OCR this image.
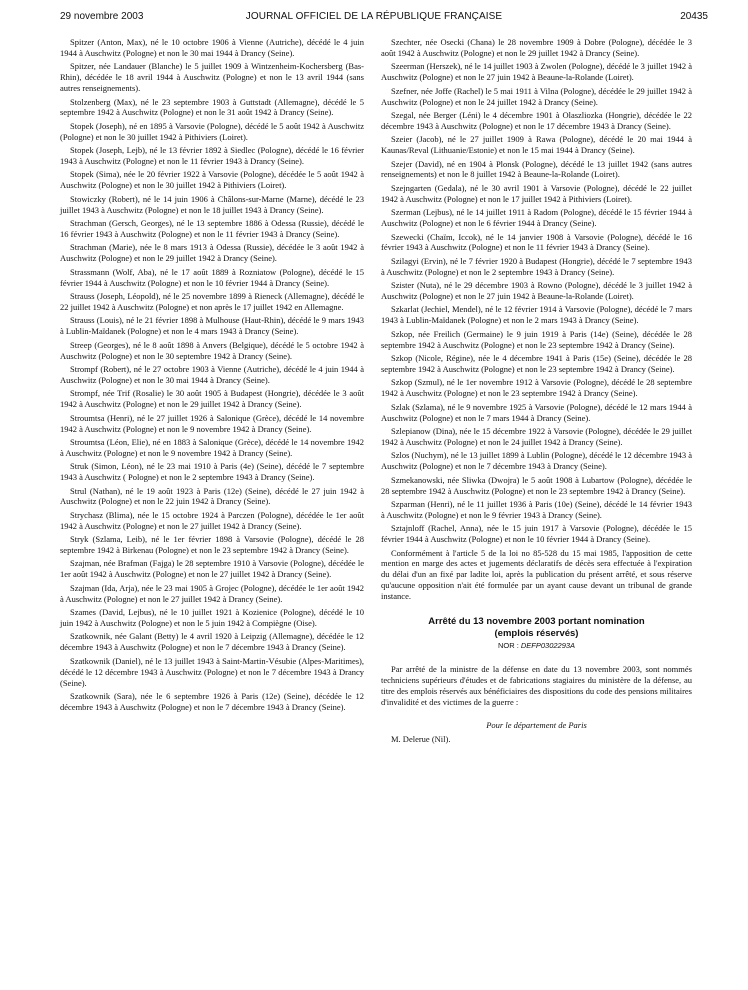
29 novembre 2003	JOURNAL OFFICIEL DE LA RÉPUBLIQUE FRANÇAISE	20435

Spitzer (Anton, Max), né le 10 octobre 1906 à Vienne (Autriche), décédé le 4 juin 1944 à Auschwitz (Pologne) et non le 30 mai 1944 à Drancy (Seine).

Spitzer, née Landauer (Blanche) le 5 juillet 1909 à Wintzenheim-Kochersberg (Bas-Rhin), décédée le 18 avril 1944 à Auschwitz (Pologne) et non le 13 avril 1944 (sans autres renseignements).

Stolzenberg (Max), né le 23 septembre 1903 à Guttstadt (Allemagne), décédé le 5 septembre 1942 à Auschwitz (Pologne) et non le 31 août 1942 à Drancy (Seine).

Stopek (Joseph), né en 1895 à Varsovie (Pologne), décédé le 5 août 1942 à Auschwitz (Pologne) et non le 30 juillet 1942 à Pithiviers (Loiret).

Stopek (Joseph, Lejb), né le 13 février 1892 à Siedlec (Pologne), décédé le 16 février 1943 à Auschwitz (Pologne) et non le 11 février 1943 à Drancy (Seine).

Stopek (Sima), née le 20 février 1922 à Varsovie (Pologne), décédée le 5 août 1942 à Auschwitz (Pologne) et non le 30 juillet 1942 à Pithiviers (Loiret).

Stowiczky (Robert), né le 14 juin 1906 à Châlons-sur-Marne (Marne), décédé le 23 juillet 1943 à Auschwitz (Pologne) et non le 18 juillet 1943 à Drancy (Seine).

Strachman (Gersch, Georges), né le 13 septembre 1886 à Odessa (Russie), décédé le 16 février 1943 à Auschwitz (Pologne) et non le 11 février 1943 à Drancy (Seine).

Strachman (Marie), née le 8 mars 1913 à Odessa (Russie), décédée le 3 août 1942 à Auschwitz (Pologne) et non le 29 juillet 1942 à Drancy (Seine).

Strassmann (Wolf, Aba), né le 17 août 1889 à Rozniatow (Pologne), décédé le 15 février 1944 à Auschwitz (Pologne) et non le 10 février 1944 à Drancy (Seine).

Strauss (Joseph, Léopold), né le 25 novembre 1899 à Rieneck (Allemagne), décédé le 22 juillet 1942 à Auschwitz (Pologne) et non après le 17 juillet 1942 en Allemagne.

Strauss (Louis), né le 21 février 1898 à Mulhouse (Haut-Rhin), décédé le 9 mars 1943 à Lublin-Maïdanek (Pologne) et non le 4 mars 1943 à Drancy (Seine).

Streep (Georges), né le 8 août 1898 à Anvers (Belgique), décédé le 5 octobre 1942 à Auschwitz (Pologne) et non le 30 septembre 1942 à Drancy (Seine).

Strompf (Robert), né le 27 octobre 1903 à Vienne (Autriche), décédé le 4 juin 1944 à Auschwitz (Pologne) et non le 30 mai 1944 à Drancy (Seine).

Strompf, née Trif (Rosalie) le 30 août 1905 à Budapest (Hongrie), décédée le 3 août 1942 à Auschwitz (Pologne) et non le 29 juillet 1942 à Drancy (Seine).

Stroumtsa (Henri), né le 27 juillet 1926 à Salonique (Grèce), décédé le 14 novembre 1942 à Auschwitz (Pologne) et non le 9 novembre 1942 à Drancy (Seine).

Stroumtsa (Léon, Elie), né en 1883 à Salonique (Grèce), décédé le 14 novembre 1942 à Auschwitz (Pologne) et non le 9 novembre 1942 à Drancy (Seine).

Struk (Simon, Léon), né le 23 mai 1910 à Paris (4e) (Seine), décédé le 7 septembre 1943 à Auschwitz ( Pologne) et non le 2 septembre 1943 à Drancy (Seine).

Strul (Nathan), né le 19 août 1923 à Paris (12e) (Seine), décédé le 27 juin 1942 à Auschwitz (Pologne) et non le 22 juin 1942 à Drancy (Seine).

Strychasz (Blima), née le 15 octobre 1924 à Parczen (Pologne), décédée le 1er août 1942 à Auschwitz (Pologne) et non le 27 juillet 1942 à Drancy (Seine).

Stryk (Szlama, Leib), né le 1er février 1898 à Varsovie (Pologne), décédé le 28 septembre 1942 à Birkenau (Pologne) et non le 23 septembre 1942 à Drancy (Seine).

Szajman, née Brafman (Fajga) le 28 septembre 1910 à Varsovie (Pologne), décédée le 1er août 1942 à Auschwitz (Pologne) et non le 27 juillet 1942 à Drancy (Seine).

Szajman (Ida, Arja), née le 23 mai 1905 à Grojec (Pologne), décédée le 1er août 1942 à Auschwitz (Pologne) et non le 27 juillet 1942 à Drancy (Seine).

Szames (David, Lejbus), né le 10 juillet 1921 à Kozienice (Pologne), décédé le 10 juin 1942 à Auschwitz (Pologne) et non le 5 juin 1942 à Compiègne (Oise).

Szatkownik, née Galant (Betty) le 4 avril 1920 à Leipzig (Allemagne), décédée le 12 décembre 1943 à Auschwitz (Pologne) et non le 7 décembre 1943 à Drancy (Seine).

Szatkownik (Daniel), né le 13 juillet 1943 à Saint-Martin-Vésubie (Alpes-Maritimes), décédé le 12 décembre 1943 à Auschwitz (Pologne) et non le 7 décembre 1943 à Drancy (Seine).

Szatkownik (Sara), née le 6 septembre 1926 à Paris (12e) (Seine), décédée le 12 décembre 1943 à Auschwitz (Pologne) et non le 7 décembre 1943 à Drancy (Seine).

Szechter, née Osecki (Chana) le 28 novembre 1909 à Dobre (Pologne), décédée le 3 août 1942 à Auschwitz (Pologne) et non le 29 juillet 1942 à Drancy (Seine).

Szeerman (Herszek), né le 14 juillet 1903 à Zwolen (Pologne), décédé le 3 juillet 1942 à Auschwitz (Pologne) et non le 27 juin 1942 à Beaune-la-Rolande (Loiret).

Szefner, née Joffe (Rachel) le 5 mai 1911 à Vilna (Pologne), décédée le 29 juillet 1942 à Auschwitz (Pologne) et non le 24 juillet 1942 à Drancy (Seine).

Szegal, née Berger (Léni) le 4 décembre 1901 à Olaszliozka (Hongrie), décédée le 22 décembre 1943 à Auschwitz (Pologne) et non le 17 décembre 1943 à Drancy (Seine).

Szeier (Jacob), né le 27 juillet 1909 à Rawa (Pologne), décédé le 20 mai 1944 à Kaunas/Reval (Lithuanie/Estonie) et non le 15 mai 1944 à Drancy (Seine).

Szejer (David), né en 1904 à Plonsk (Pologne), décédé le 13 juillet 1942 (sans autres renseignements) et non le 8 juillet 1942 à Beaune-la-Rolande (Loiret).

Szejngarten (Gedala), né le 30 avril 1901 à Varsovie (Pologne), décédé le 22 juillet 1942 à Auschwitz (Pologne) et non le 17 juillet 1942 à Pithiviers (Loiret).

Szerman (Lejbus), né le 14 juillet 1911 à Radom (Pologne), décédé le 15 février 1944 à Auschwitz (Pologne) et non le 6 février 1944 à Drancy (Seine).

Szewecki (Chaïm, Iccok), né le 14 janvier 1908 à Varsovie (Pologne), décédé le 16 février 1943 à Auschwitz (Pologne) et non le 11 février 1943 à Drancy (Seine).

Szilagyi (Ervin), né le 7 février 1920 à Budapest (Hongrie), décédé le 7 septembre 1943 à Auschwitz (Pologne) et non le 2 septembre 1943 à Drancy (Seine).

Szister (Nuta), né le 29 décembre 1903 à Rowno (Pologne), décédé le 3 juillet 1942 à Auschwitz (Pologne) et non le 27 juin 1942 à Beaune-la-Rolande (Loiret).

Szkarlat (Jechiel, Mendel), né le 12 février 1914 à Varsovie (Pologne), décédé le 7 mars 1943 à Lublin-Maïdanek (Pologne) et non le 2 mars 1943 à Drancy (Seine).

Szkop, née Freilich (Germaine) le 9 juin 1919 à Paris (14e) (Seine), décédée le 28 septembre 1942 à Auschwitz (Pologne) et non le 23 septembre 1942 à Drancy (Seine).

Szkop (Nicole, Régine), née le 4 décembre 1941 à Paris (15e) (Seine), décédée le 28 septembre 1942 à Auschwitz (Pologne) et non le 23 septembre 1942 à Drancy (Seine).

Szkop (Szmul), né le 1er novembre 1912 à Varsovie (Pologne), décédé le 28 septembre 1942 à Auschwitz (Pologne) et non le 23 septembre 1942 à Drancy (Seine).

Szlak (Szlama), né le 9 novembre 1925 à Varsovie (Pologne), décédé le 12 mars 1944 à Auschwitz (Pologne) et non le 7 mars 1944 à Drancy (Seine).

Szlepianow (Dina), née le 15 décembre 1922 à Varsovie (Pologne), décédée le 29 juillet 1942 à Auschwitz (Pologne) et non le 24 juillet 1942 à Drancy (Seine).

Szlos (Nuchym), né le 13 juillet 1899 à Lublin (Pologne), décédé le 12 décembre 1943 à Auschwitz (Pologne) et non le 7 décembre 1943 à Drancy (Seine).

Szmekanowski, née Sliwka (Dwojra) le 5 août 1908 à Lubartow (Pologne), décédée le 28 septembre 1942 à Auschwitz (Pologne) et non le 23 septembre 1942 à Drancy (Seine).

Szparman (Henri), né le 11 juillet 1936 à Paris (10e) (Seine), décédé le 14 février 1943 à Auschwitz (Pologne) et non le 9 février 1943 à Drancy (Seine).

Sztajnloff (Rachel, Anna), née le 15 juin 1917 à Varsovie (Pologne), décédée le 15 février 1944 à Auschwitz (Pologne) et non le 10 février 1944 à Drancy (Seine).

Conformément à l'article 5 de la loi no 85-528 du 15 mai 1985, l'apposition de cette mention en marge des actes et jugements déclaratifs de décès sera effectuée à l'expiration du délai d'un an fixé par ladite loi, après la publication du présent arrêté, et sous réserve qu'aucune opposition n'ait été formulée par un ayant cause devant un tribunal de grande instance.

Arrêté du 13 novembre 2003 portant nomination
(emplois réservés)
NOR : DEFP0302293A

Par arrêté de la ministre de la défense en date du 13 novembre 2003, sont nommés techniciens supérieurs d'études et de fabrications stagiaires du ministère de la défense, au titre des emplois réservés aux bénéficiaires des dispositions du code des pensions militaires d'invalidité et des victimes de la guerre :

Pour le département de Paris

M. Delerue (Nil).
